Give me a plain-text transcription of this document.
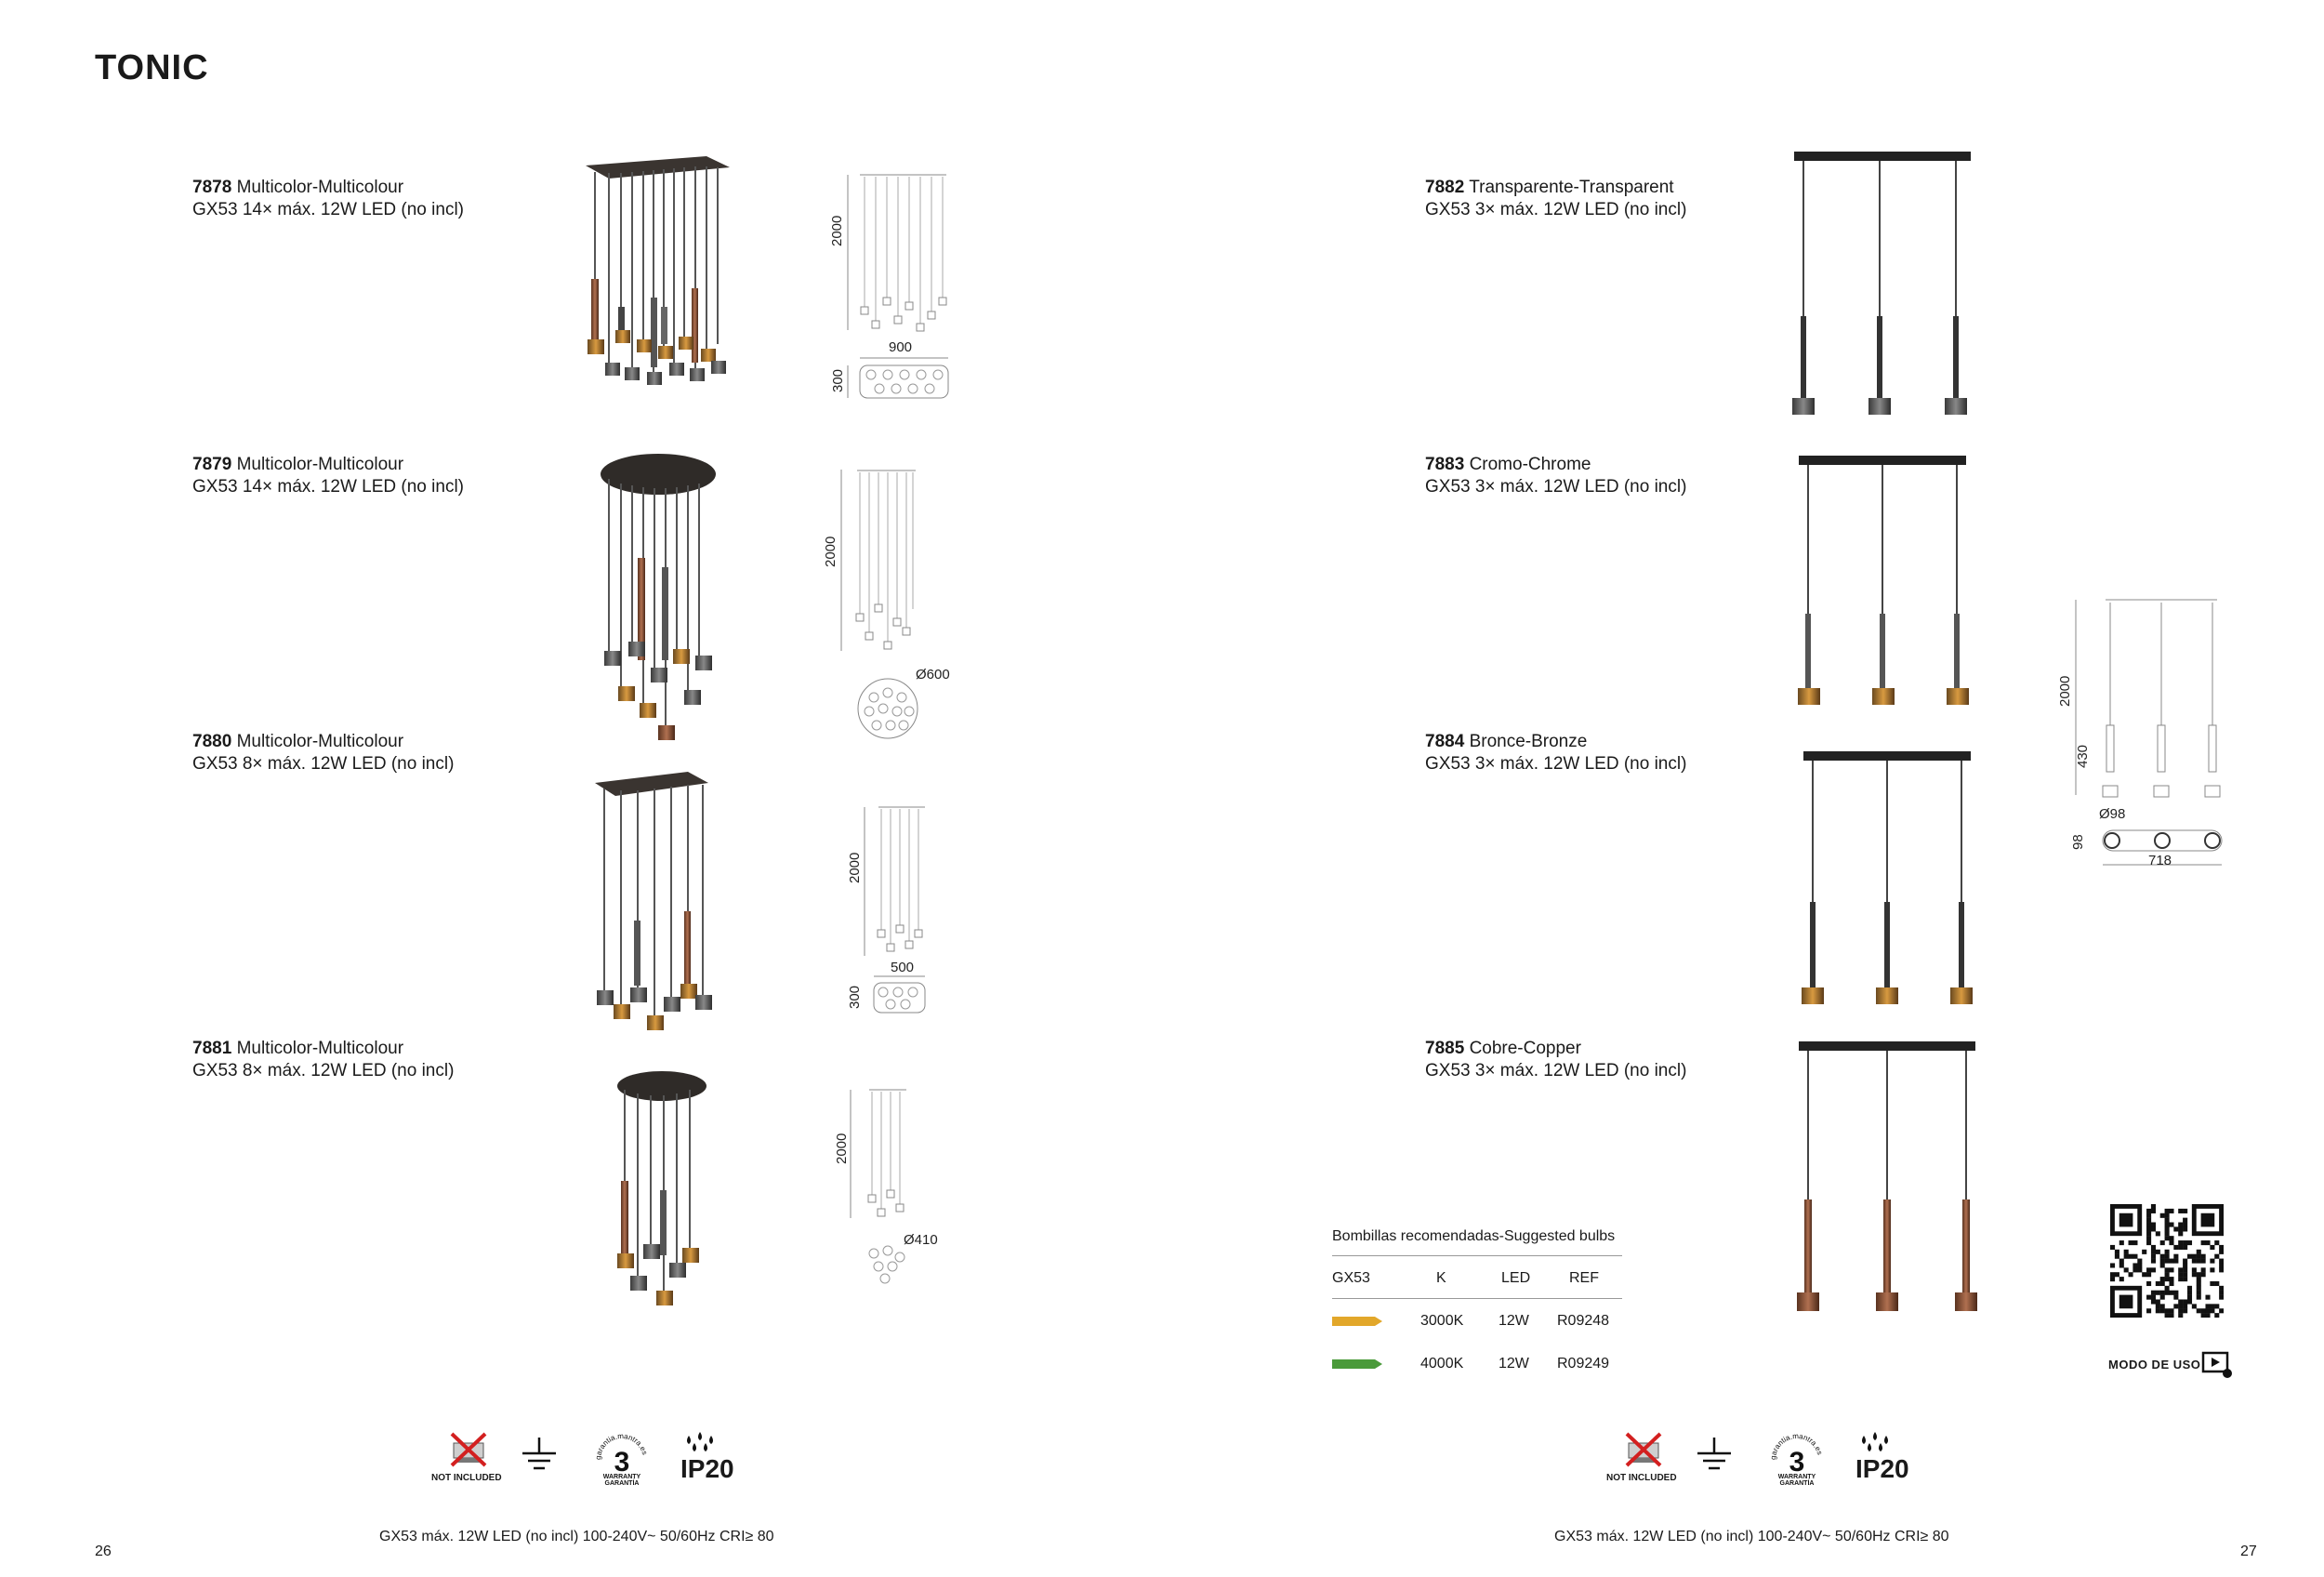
TONIC
7878 Multicolor-Multicolour
GX53 14× máx. 12W LED (no incl)
7879 Multicolor-Multicolour
GX53 14× máx. 12W LED (no incl)
7880 Multicolor-Multicolour
GX53 8× máx. 12W LED (no incl)
7881 Multicolor-Multicolour
GX53 8× máx. 12W LED (no incl)
7882 Transparente-Transparent
GX53 3× máx. 12W LED (no incl)
7883 Cromo-Chrome
GX53 3× máx. 12W LED (no incl)
7884 Bronce-Bronze
GX53 3× máx. 12W LED (no incl)
7885 Cobre-Copper
GX53 3× máx. 12W LED (no incl)
2000
900
300
2000
Ø600
2000
500
300
2000
Ø410
2000
430
Ø98
98
718
Bombillas recomendadas-Suggested bulbs
GX53	K	LED	REF
3000K 12W R09248
4000K 12W R09249	MODO DE USO
NOT INCLUDED
garantia.mantra.es
3
WARRANTY
GARANTÍA
IP20	NOT INCLUDED
garantia.mantra.es
3
WARRANTY
GARANTÍA
IP20
GX53 máx. 12W LED (no incl) 100-240V~ 50/60Hz CRI≥ 80	GX53 máx. 12W LED (no incl) 100-240V~ 50/60Hz CRI≥ 80
26	27
